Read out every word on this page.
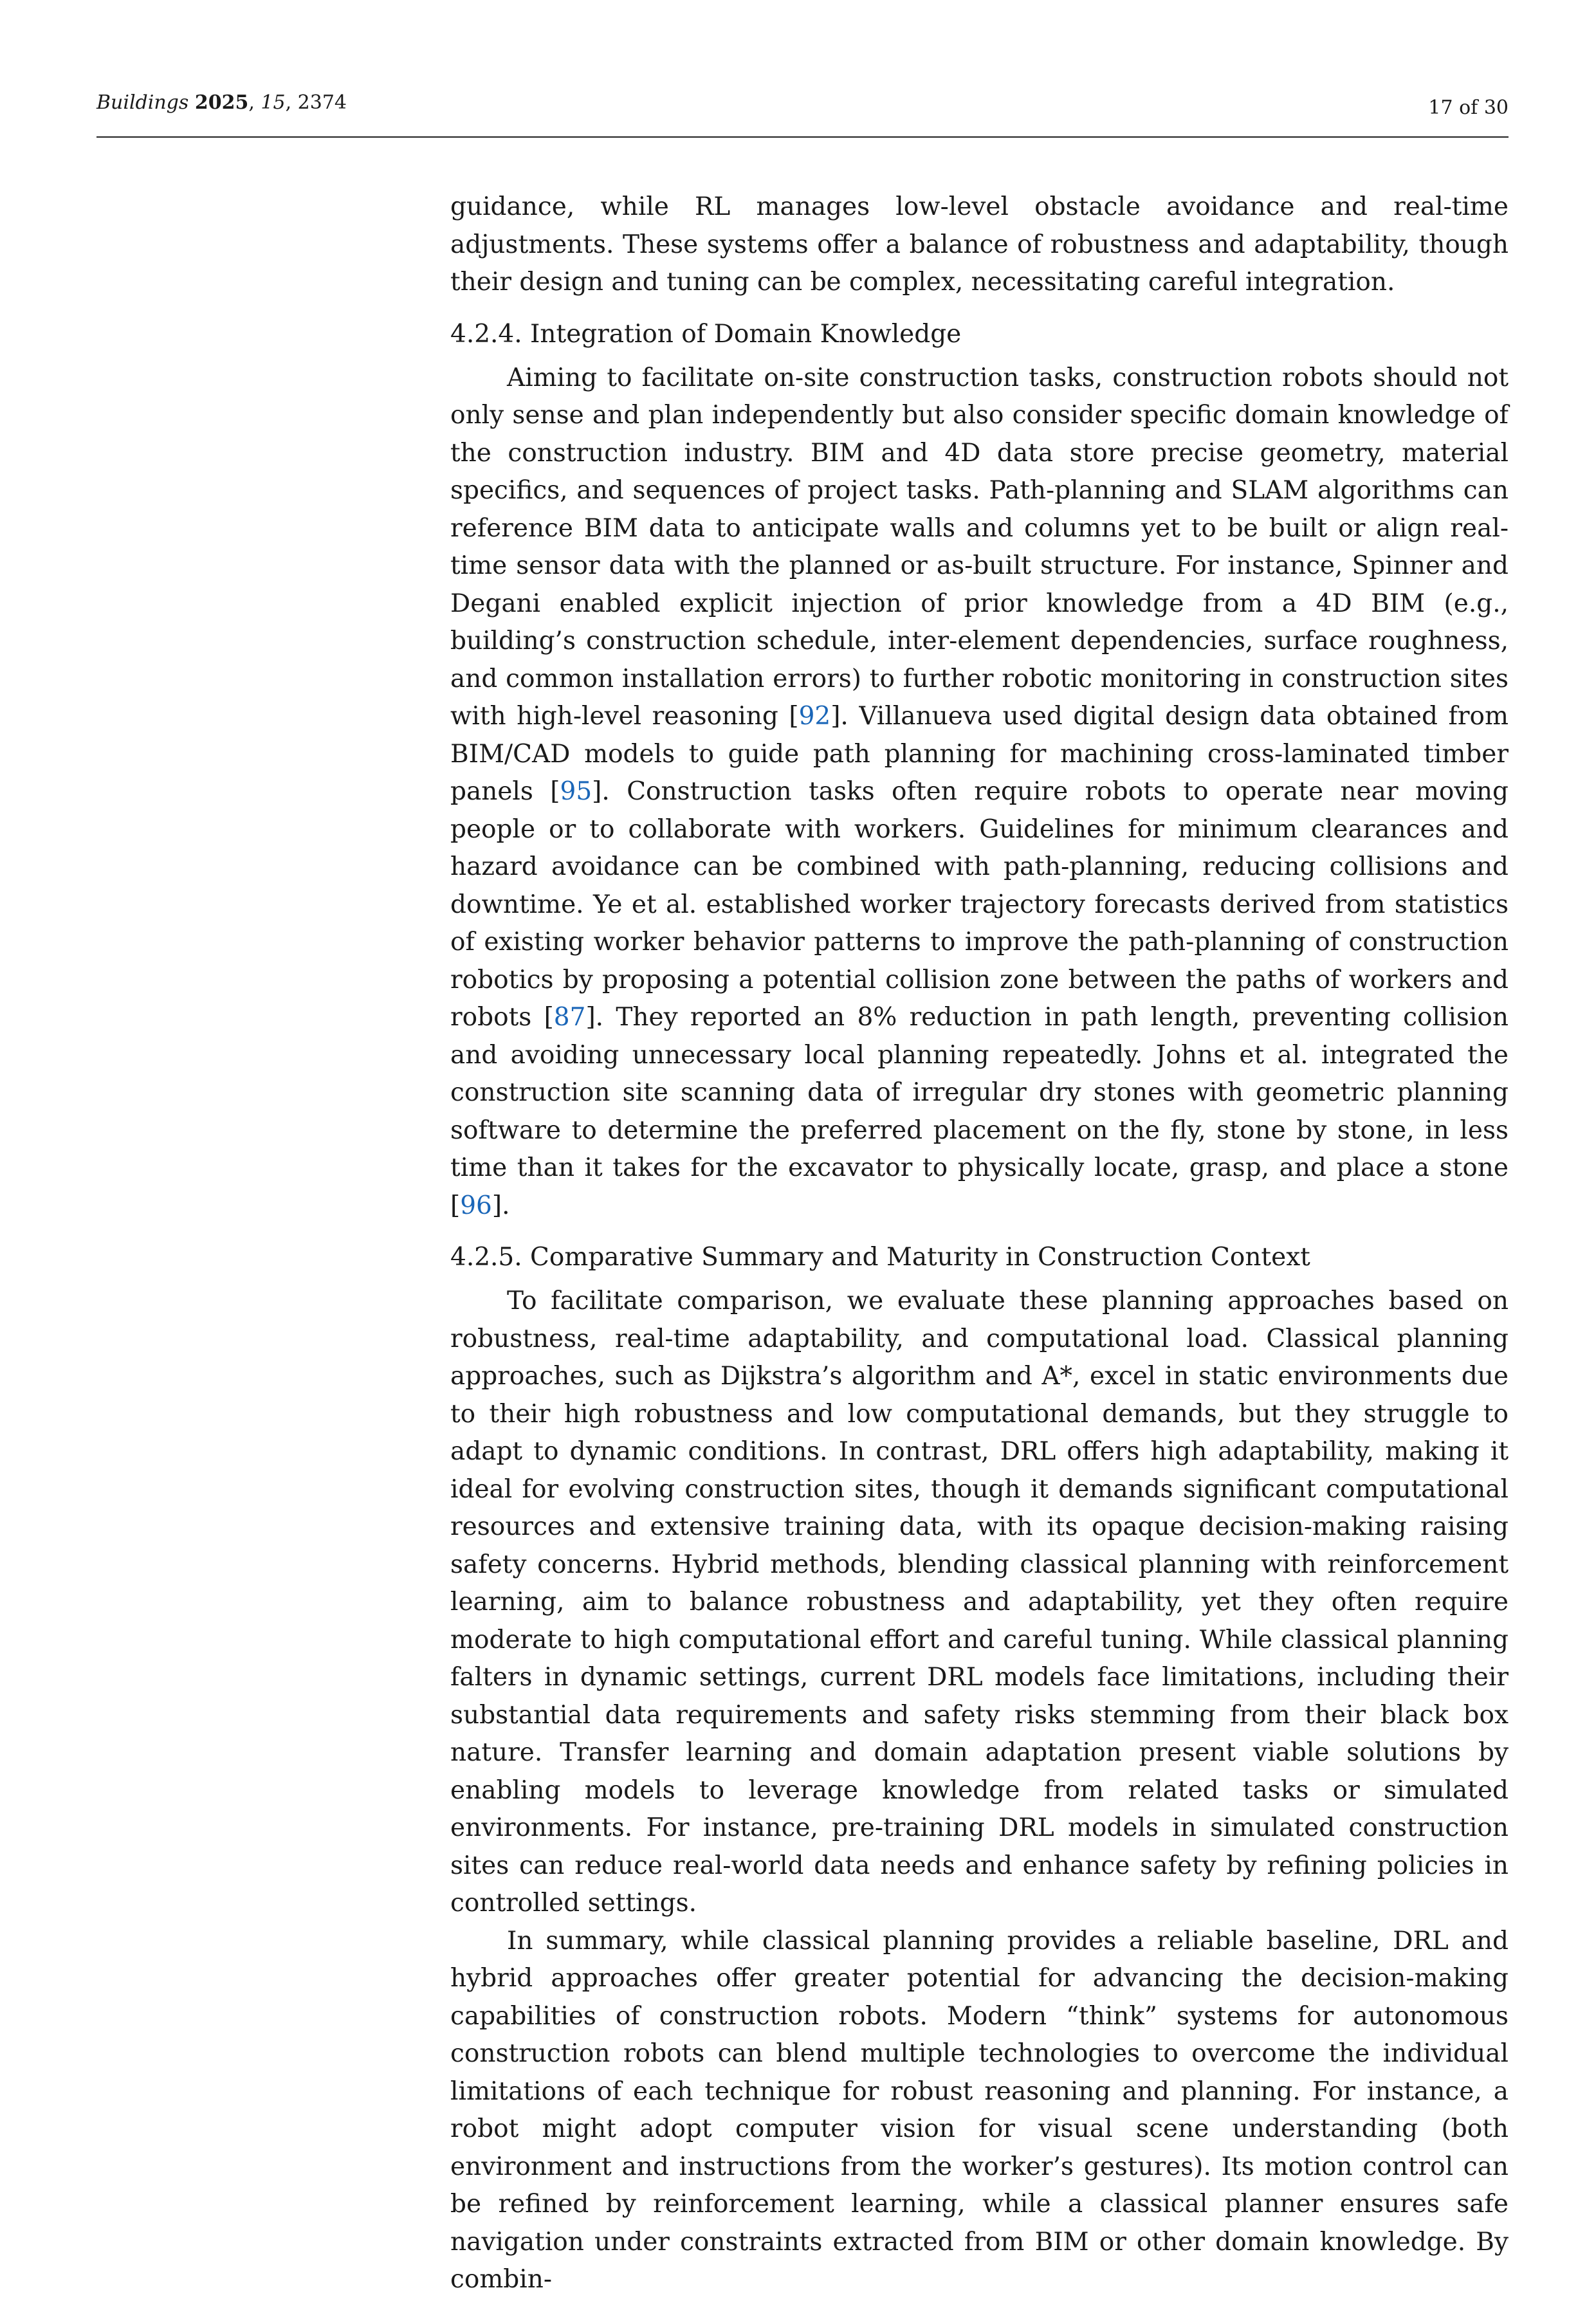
Buildings 2025, 15, 2374	17 of 30

guidance, while RL manages low-level obstacle avoidance and real-time adjustments. These systems offer a balance of robustness and adaptability, though their design and tuning can be complex, necessitating careful integration.

4.2.4. Integration of Domain Knowledge

Aiming to facilitate on-site construction tasks, construction robots should not only sense and plan independently but also consider specific domain knowledge of the construction industry. BIM and 4D data store precise geometry, material specifics, and sequences of project tasks. Path-planning and SLAM algorithms can reference BIM data to anticipate walls and columns yet to be built or align real-time sensor data with the planned or as-built structure. For instance, Spinner and Degani enabled explicit injection of prior knowledge from a 4D BIM (e.g., building’s construction schedule, inter-element dependencies, surface roughness, and common installation errors) to further robotic monitoring in construction sites with high-level reasoning [92]. Villanueva used digital design data obtained from BIM/CAD models to guide path planning for machining cross-laminated timber panels [95]. Construction tasks often require robots to operate near moving people or to collaborate with workers. Guidelines for minimum clearances and hazard avoidance can be combined with path-planning, reducing collisions and downtime. Ye et al. established worker trajectory forecasts derived from statistics of existing worker behavior patterns to improve the path-planning of construction robotics by proposing a potential collision zone between the paths of workers and robots [87]. They reported an 8% reduction in path length, preventing collision and avoiding unnecessary local planning repeatedly. Johns et al. integrated the construction site scanning data of irregular dry stones with geometric planning software to determine the preferred placement on the fly, stone by stone, in less time than it takes for the excavator to physically locate, grasp, and place a stone [96].

4.2.5. Comparative Summary and Maturity in Construction Context

To facilitate comparison, we evaluate these planning approaches based on robustness, real-time adaptability, and computational load. Classical planning approaches, such as Dijkstra’s algorithm and A*, excel in static environments due to their high robustness and low computational demands, but they struggle to adapt to dynamic conditions. In contrast, DRL offers high adaptability, making it ideal for evolving construction sites, though it demands significant computational resources and extensive training data, with its opaque decision-making raising safety concerns. Hybrid methods, blending classical planning with reinforcement learning, aim to balance robustness and adaptability, yet they often require moderate to high computational effort and careful tuning. While classical planning falters in dynamic settings, current DRL models face limitations, including their substantial data requirements and safety risks stemming from their black box nature. Transfer learning and domain adaptation present viable solutions by enabling models to leverage knowledge from related tasks or simulated environments. For instance, pre-training DRL models in simulated construction sites can reduce real-world data needs and enhance safety by refining policies in controlled settings.

In summary, while classical planning provides a reliable baseline, DRL and hybrid approaches offer greater potential for advancing the decision-making capabilities of construction robots. Modern “think” systems for autonomous construction robots can blend multiple technologies to overcome the individual limitations of each technique for robust reasoning and planning. For instance, a robot might adopt computer vision for visual scene understanding (both environment and instructions from the worker’s gestures). Its motion control can be refined by reinforcement learning, while a classical planner ensures safe navigation under constraints extracted from BIM or other domain knowledge. By combin-
